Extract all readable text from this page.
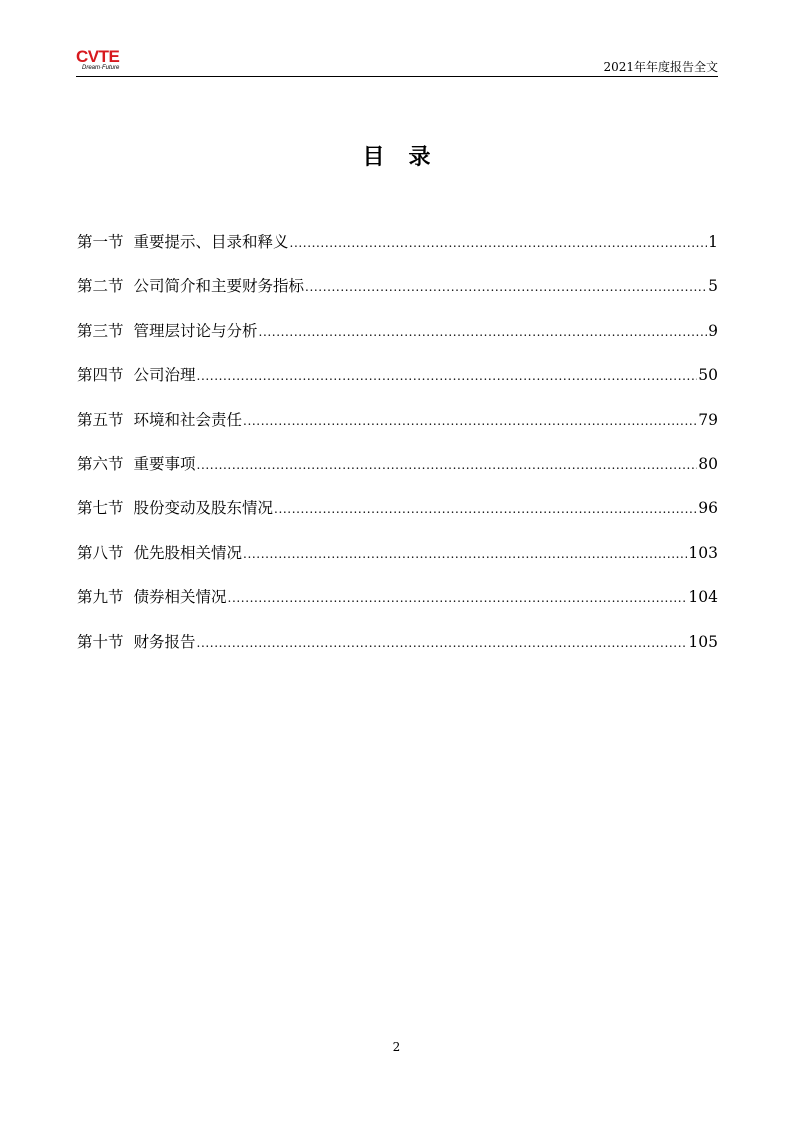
CVTE
Dream·Future	2021年年度报告全文
目录
第一节 重要提示、目录和释义 .....	1
第二节 公司简介和主要财务指标 .....	5
第三节 管理层讨论与分析 .....	9
第四节 公司治理 .....	50
第五节 环境和社会责任 .....	79
第六节 重要事项 .....	80
第七节 股份变动及股东情况 .....	96
第八节 优先股相关情况 .....	103
第九节 债券相关情况 .....	104
第十节 财务报告 .....	105
2
